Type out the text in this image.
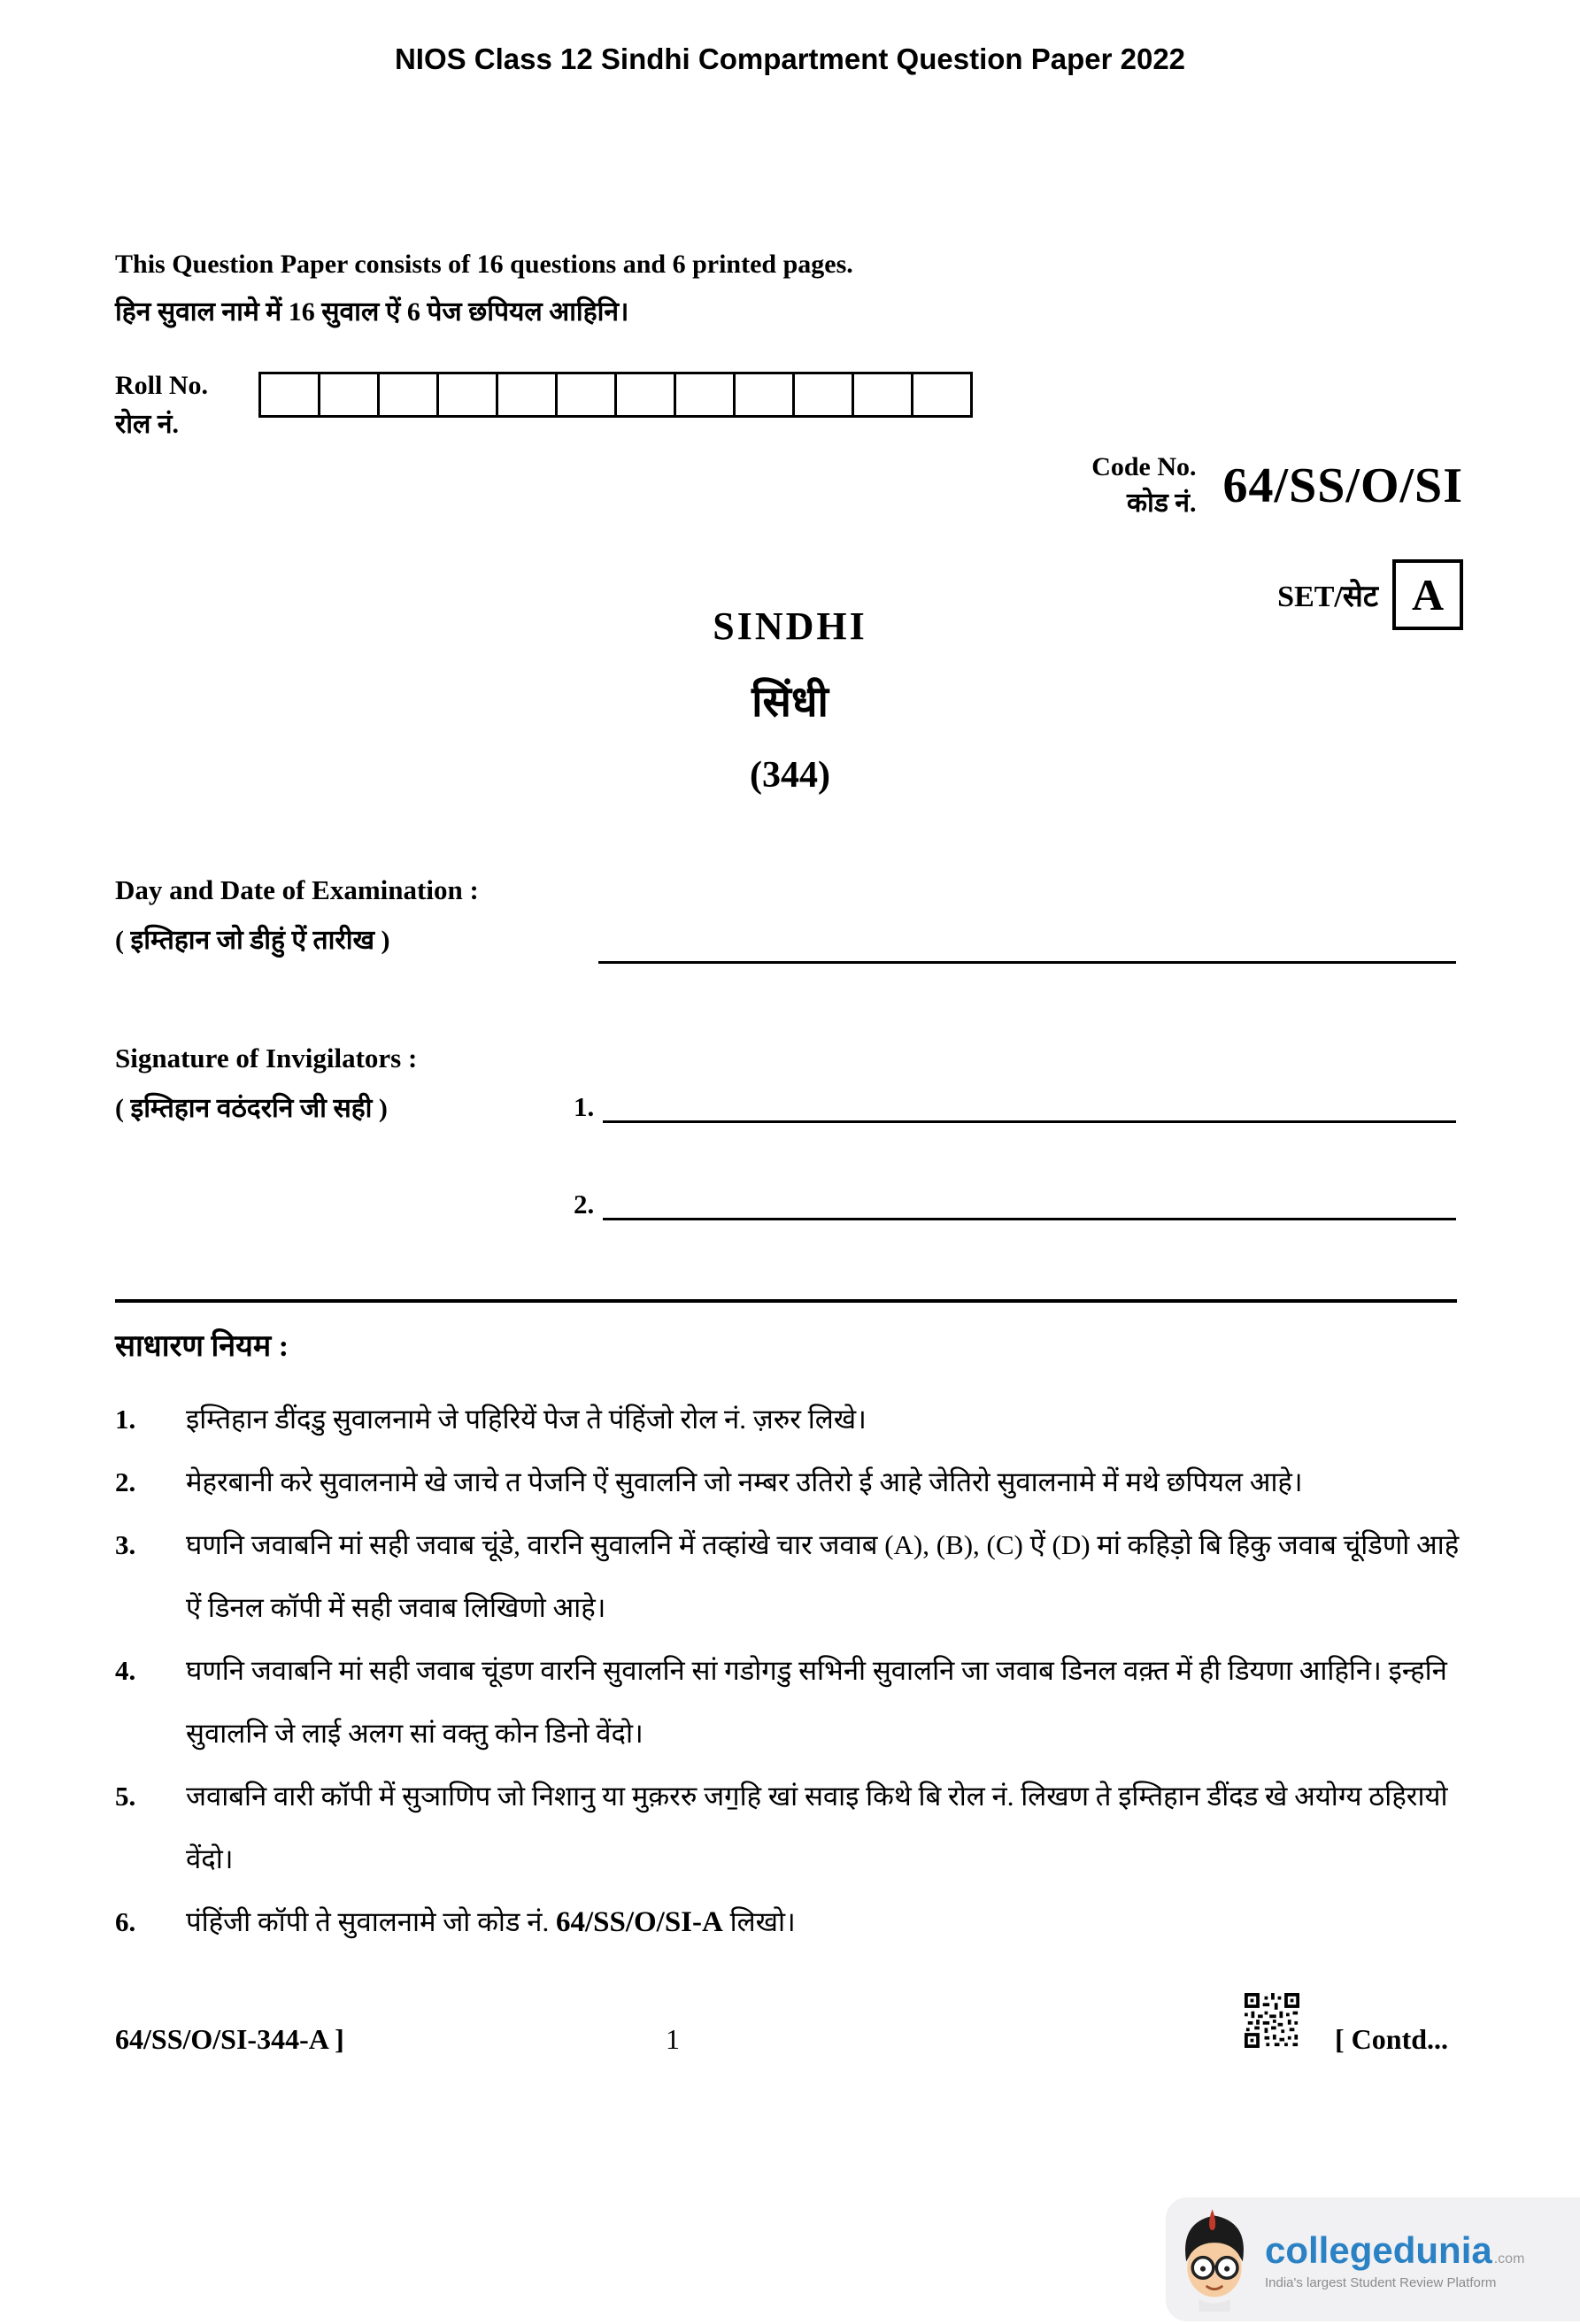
NIOS Class 12 Sindhi Compartment Question Paper 2022
This Question Paper consists of 16 questions and 6 printed pages.
हिन सुवाल नामे में 16 सुवाल ऐं 6 पेज छपियल आहिनि।
Roll No.
रोल नं.
Code No.
कोड नं. 64/SS/O/SI
SET/सेट A
SINDHI
सिंधी
(344)
Day and Date of Examination :
( इम्तिहान जो डीहुं ऐं तारीख )
Signature of Invigilators :
( इम्तिहान वठंदरनि जी सही )	1.
2.
साधारण नियम :
1.	इम्तिहान डींदडु सुवालनामे जे पहिरियें पेज ते पंहिंजो रोल नं. ज़रुर लिखे।
2.	मेहरबानी करे सुवालनामे खे जाचे त पेजनि ऐं सुवालनि जो नम्बर उतिरो ई आहे जेतिरो सुवालनामे में मथे छपियल आहे।
3.	घणनि जवाबनि मां सही जवाब चूंडे, वारनि सुवालनि में तव्हांखे चार जवाब (A), (B), (C) ऐं (D) मां कहिड़ो बि हिकु जवाब चूंडिणो आहे ऐं डिनल कॉपी में सही जवाब लिखिणो आहे।
4.	घणनि जवाबनि मां सही जवाब चूंडण वारनि सुवालनि सां गडोगडु सभिनी सुवालनि जा जवाब डिनल वक़्त में ही डियणा आहिनि। इन्हनि सुवालनि जे लाई अलग सां वक्तु कोन डिनो वेंदो।
5.	जवाबनि वारी कॉपी में सुञाणिप जो निशानु या मुक़ररु जग॒हि खां सवाइ किथे बि रोल नं. लिखण ते इम्तिहान डींदड खे अयोग्य ठहिरायो वेंदो।
6.	पंहिंजी कॉपी ते सुवालनामे जो कोड नं. 64/SS/O/SI-A लिखो।
64/SS/O/SI-344-A ]	1	[ Contd...
collegedunia .com
India's largest Student Review Platform
